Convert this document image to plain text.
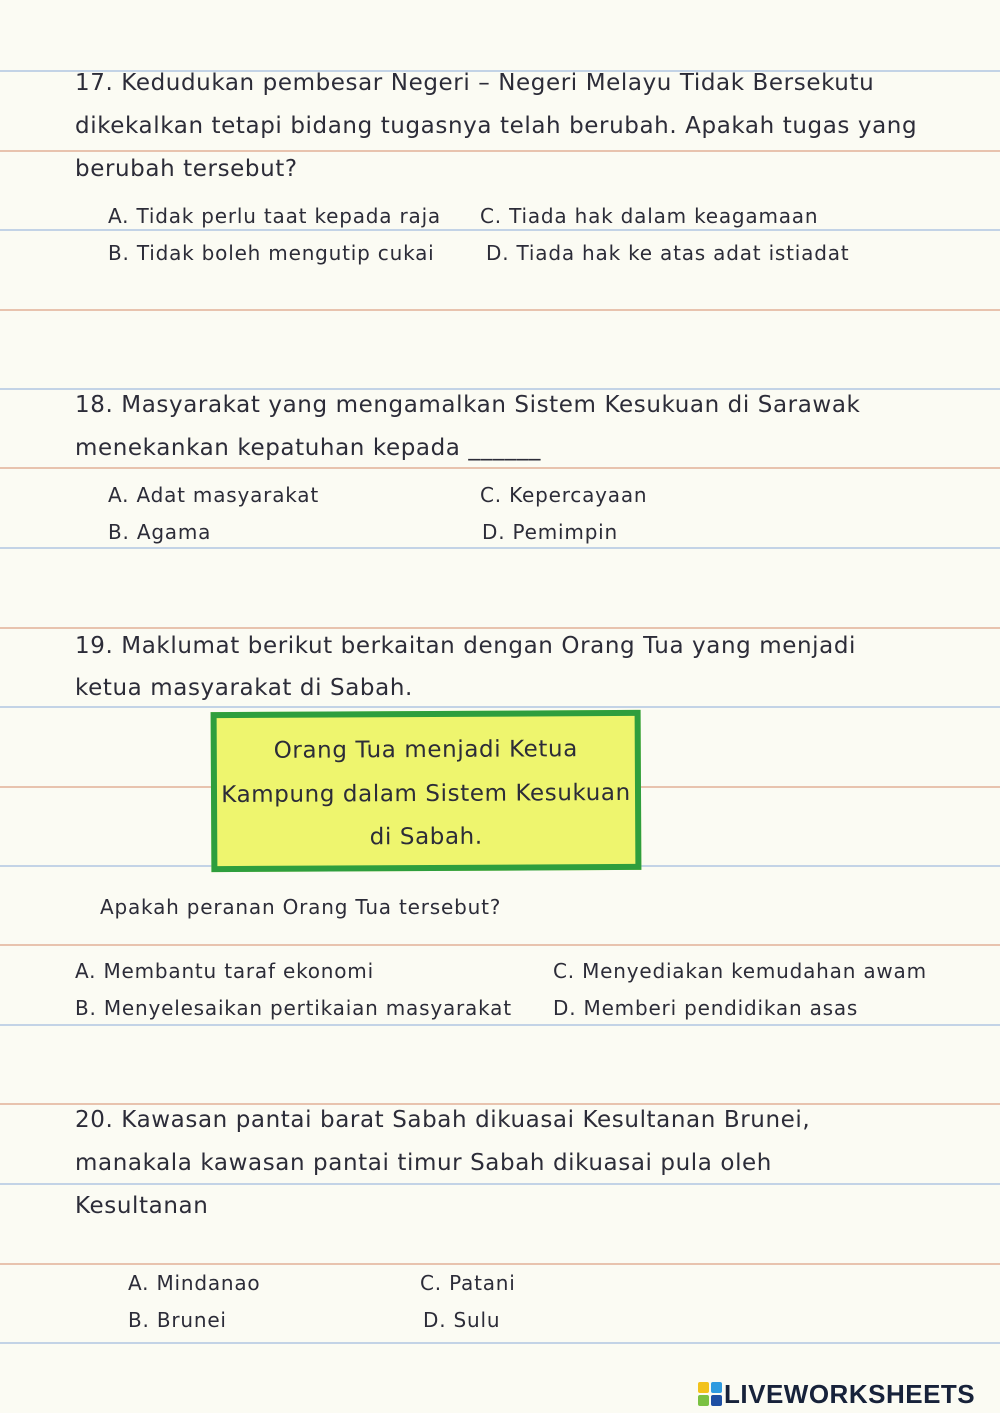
17. Kedudukan pembesar Negeri – Negeri Melayu Tidak Bersekutu
dikekalkan tetapi bidang tugasnya telah berubah. Apakah tugas yang
berubah tersebut?
A. Tidak perlu taat kepada raja C. Tiada hak dalam keagamaan
B. Tidak boleh mengutip cukai	D. Tiada hak ke atas adat istiadat
18. Masyarakat yang mengamalkan Sistem Kesukuan di Sarawak
menekankan kepatuhan kepada ______
A. Adat masyarakat	C. Kepercayaan
B. Agama	D. Pemimpin
19. Maklumat berikut berkaitan dengan Orang Tua yang menjadi
ketua masyarakat di Sabah.
Orang Tua menjadi Ketua
Kampung dalam Sistem Kesukuan
di Sabah.
Apakah peranan Orang Tua tersebut?
A. Membantu taraf ekonomi	C. Menyediakan kemudahan awam
B. Menyelesaikan pertikaian masyarakat D. Memberi pendidikan asas
20. Kawasan pantai barat Sabah dikuasai Kesultanan Brunei,
manakala kawasan pantai timur Sabah dikuasai pula oleh
Kesultanan
A. Mindanao	C. Patani
B. Brunei	D. Sulu
LIVEWORKSHEETS
